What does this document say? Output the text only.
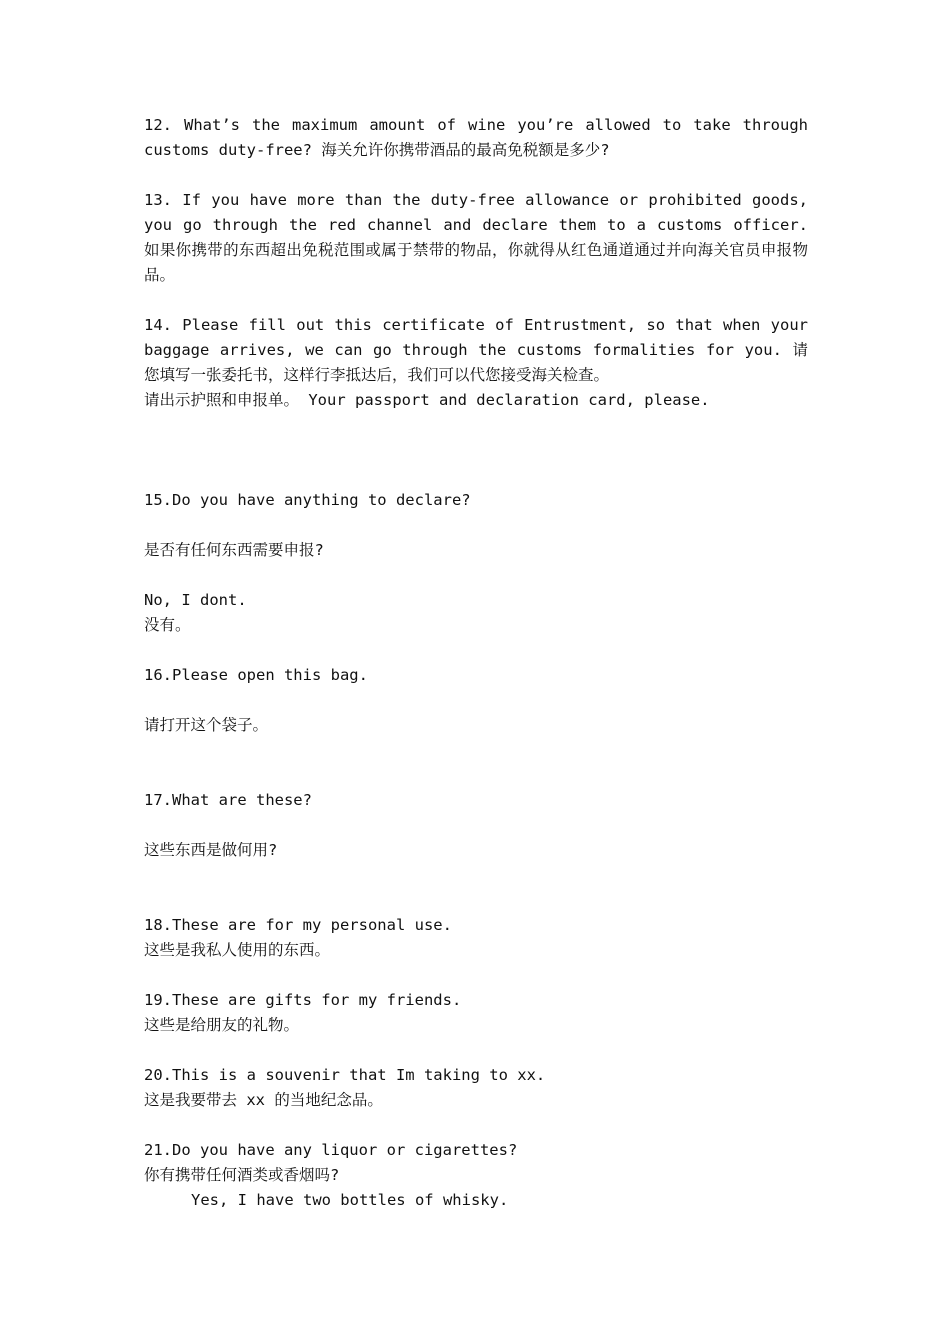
12. What’s the maximum amount of wine you’re allowed to take through customs duty-free? 海关允许你携带酒品的最高免税额是多少?

13. If you have more than the duty-free allowance or prohibited goods, you go through the red channel and declare them to a customs officer. 如果你携带的东西超出免税范围或属于禁带的物品，你就得从红色通道通过并向海关官员申报物品。

14. Please fill out this certificate of Entrustment, so that when your baggage arrives, we can go through the customs formalities for you. 请您填写一张委托书，这样行李抵达后，我们可以代您接受海关检查。

请出示护照和申报单。 Your passport and declaration card, please.

15.Do you have anything to declare?

是否有任何东西需要申报?

No, I dont.

没有。

16.Please open this bag.

请打开这个袋子。

17.What are these?

这些东西是做何用?

18.These are for my personal use.

这些是我私人使用的东西。

19.These are gifts for my friends.

这些是给朋友的礼物。

20.This is a souvenir that Im taking to xx.

这是我要带去 xx 的当地纪念品。

21.Do you have any liquor or cigarettes?

你有携带任何酒类或香烟吗?

Yes, I have two bottles of whisky.
